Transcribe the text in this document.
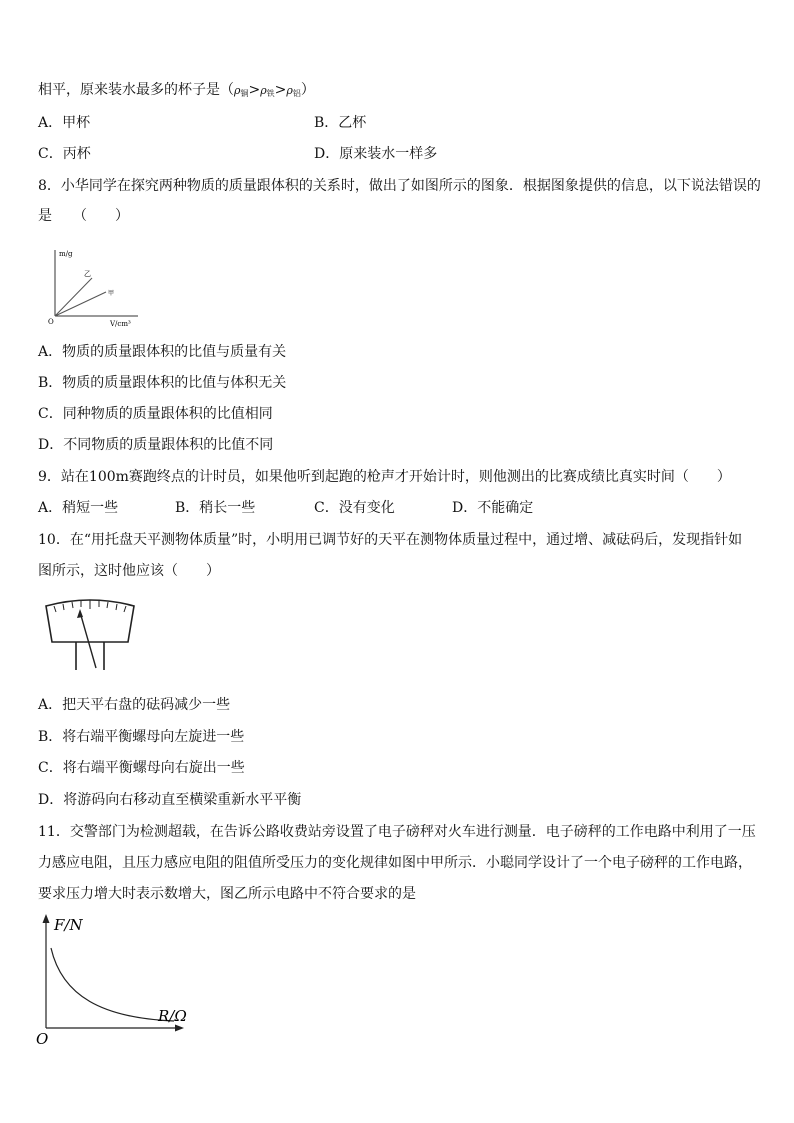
相平，原来装水最多的杯子是$(\rho_铜>\rho_铁>\rho_铝)$
A．甲杯	B．乙杯
C．丙杯	D．原来装水一样多
8．小华同学在探究两种物质的质量跟体积的关系时，做出了如图所示的图象．根据图象提供的信息，以下说法错误的
是　　（　　）
m/g
乙
甲
O	V/cm³
A．物质的质量跟体积的比值与质量有关
B．物质的质量跟体积的比值与体积无关
C．同种物质的质量跟体积的比值相同
D．不同物质的质量跟体积的比值不同
9．站在100m赛跑终点的计时员，如果他听到起跑的枪声才开始计时，则他测出的比赛成绩比真实时间（　　）
A．稍短一些	B．稍长一些	C．没有变化	D．不能确定
10．在“用托盘天平测物体质量”时，小明用已调节好的天平在测物体质量过程中，通过增、减砝码后，发现指针如
图所示，这时他应该（　　）
A．把天平右盘的砝码减少一些
B．将右端平衡螺母向左旋进一些
C．将右端平衡螺母向右旋出一些
D．将游码向右移动直至横梁重新水平平衡
11．交警部门为检测超载，在告诉公路收费站旁设置了电子磅秤对火车进行测量．电子磅秤的工作电路中利用了一压
力感应电阻，且压力感应电阻的阻值所受压力的变化规律如图中甲所示．小聪同学设计了一个电子磅秤的工作电路，
要求压力增大时表示数增大，图乙所示电路中不符合要求的是
F/N
R/Ω
O
